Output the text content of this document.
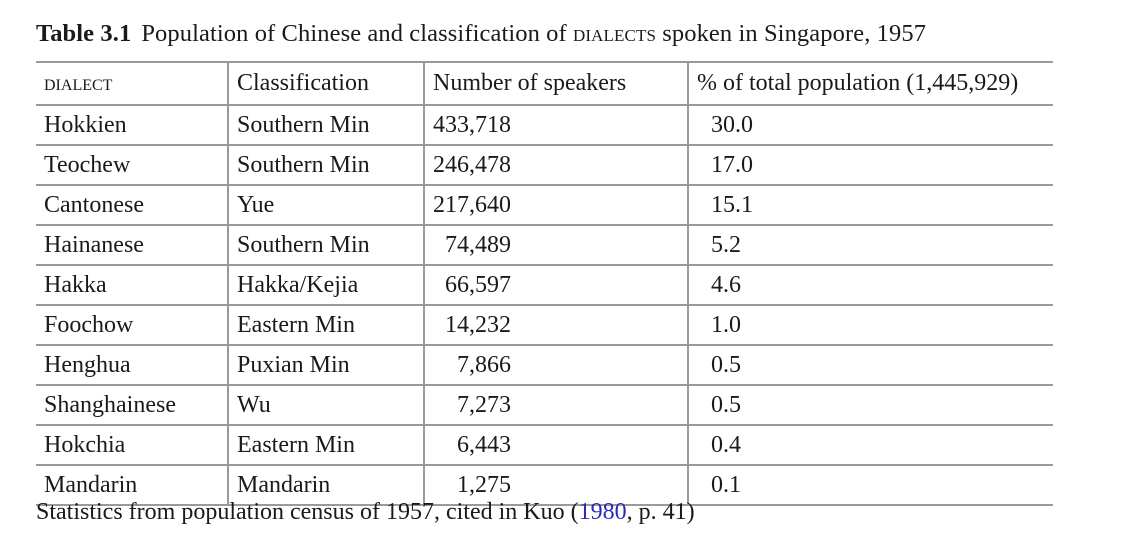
Table 3.1 Population of Chinese and classification of dialects spoken in Singapore, 1957
dialect	Classification	Number of speakers	% of total population (1,445,929)
Hokkien	Southern Min	433,718	30.0
Teochew	Southern Min	246,478	17.0
Cantonese	Yue	217,640	15.1
Hainanese	Southern Min	74,489	5.2
Hakka	Hakka/Kejia	66,597	4.6
Foochow	Eastern Min	14,232	1.0
Henghua	Puxian Min	7,866	0.5
Shanghainese	Wu	7,273	0.5
Hokchia	Eastern Min	6,443	0.4
Mandarin	Mandarin	1,275	0.1
Statistics from population census of 1957, cited in Kuo (1980, p. 41)
